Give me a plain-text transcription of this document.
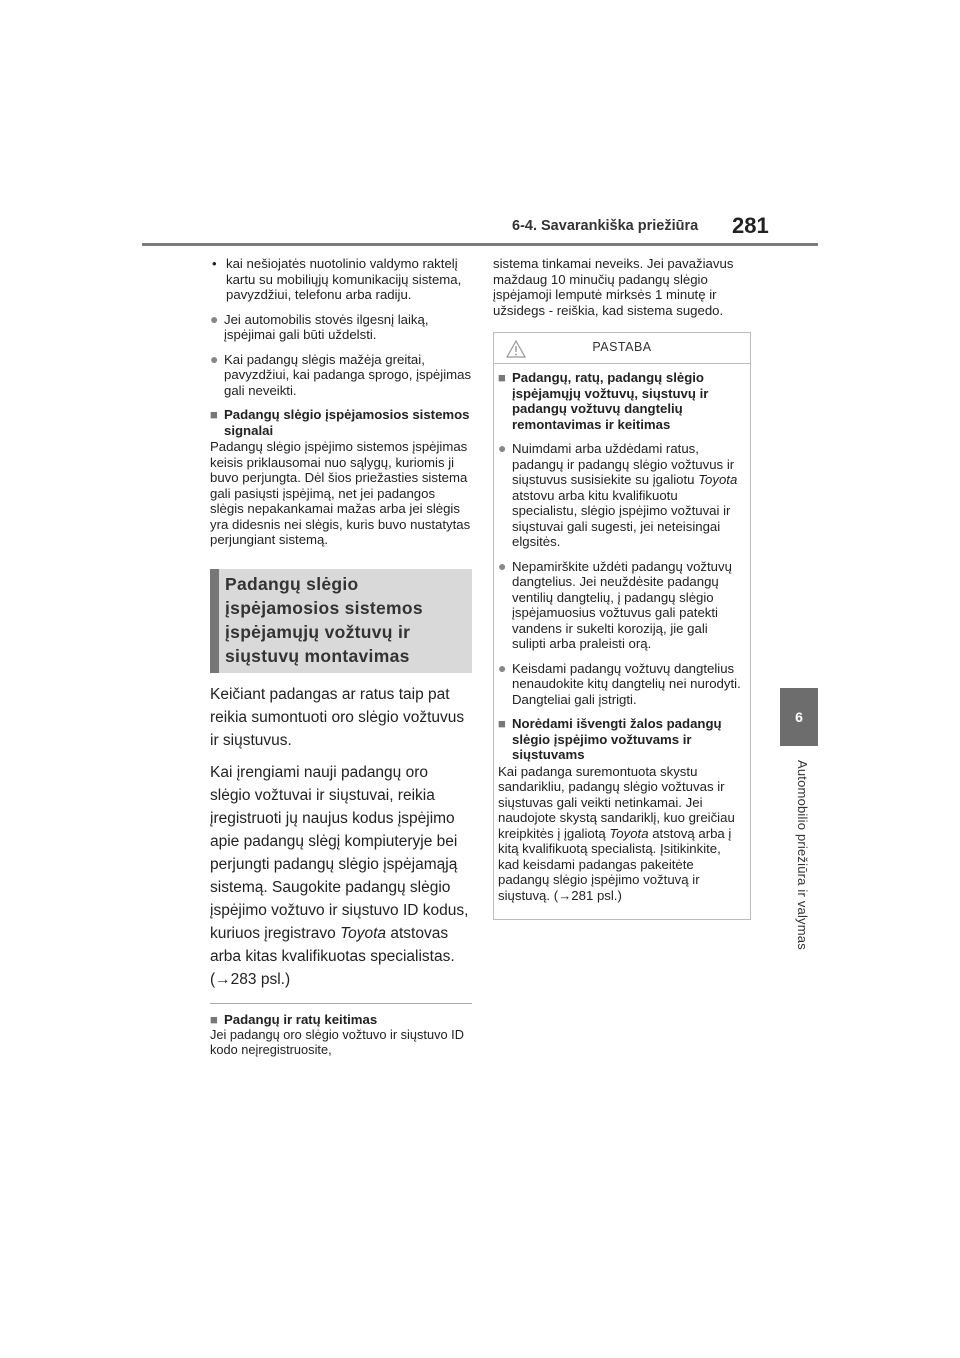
6-4. Savarankiška priežiūra 281
6
Automobilio priežiūra ir valymas
• kai nešiojatės nuotolinio valdymo raktelį kartu su mobiliųjų komunikacijų sistema, pavyzdžiui, telefonu arba radiju.
● Jei automobilis stovės ilgesnį laiką, įspėjimai gali būti uždelsti.
● Kai padangų slėgis mažėja greitai, pavyzdžiui, kai padanga sprogo, įspėjimas gali neveikti.
■ Padangų slėgio įspėjamosios sistemos signalai

Padangų slėgio įspėjimo sistemos įspėjimas keisis priklausomai nuo sąlygų, kuriomis ji buvo perjungta. Dėl šios priežasties sistema gali pasiųsti įspėjimą, net jei padangos slėgis nepakankamai mažas arba jei slėgis yra didesnis nei slėgis, kuris buvo nustatytas perjungiant sistemą.

Padangų slėgio įspėjamosios sistemos įspėjamųjų vožtuvų ir siųstuvų montavimas

Keičiant padangas ar ratus taip pat reikia sumontuoti oro slėgio vožtuvus ir siųstuvus.

Kai įrengiami nauji padangų oro slėgio vožtuvai ir siųstuvai, reikia įregistruoti jų naujus kodus įspėjimo apie padangų slėgį kompiuteryje bei perjungti padangų slėgio įspėjamąją sistemą. Saugokite padangų slėgio įspėjimo vožtuvo ir siųstuvo ID kodus, kuriuos įregistravo Toyota atstovas arba kitas kvalifikuotas specialistas.
(→283 psl.)

■ Padangų ir ratų keitimas

Jei padangų oro slėgio vožtuvo ir siųstuvo ID kodo neįregistruosite,

sistema tinkamai neveiks. Jei pavažiavus maždaug 10 minučių padangų slėgio įspėjamoji lemputė mirksės 1 minutę ir užsidegs - reiškia, kad sistema sugedo.

PASTABA
■ Padangų, ratų, padangų slėgio įspėjamųjų vožtuvų, siųstuvų ir padangų vožtuvų dangtelių remontavimas ir keitimas
● Nuimdami arba uždėdami ratus, padangų ir padangų slėgio vožtuvus ir siųstuvus susisiekite su įgaliotu Toyota atstovu arba kitu kvalifikuotu specialistu, slėgio įspėjimo vožtuvai ir siųstuvai gali sugesti, jei neteisingai elgsitės.
● Nepamirškite uždėti padangų vožtuvų dangtelius. Jei neuždėsite padangų ventilių dangtelių, į padangų slėgio įspėjamuosius vožtuvus gali patekti vandens ir sukelti koroziją, jie gali sulipti arba praleisti orą.
● Keisdami padangų vožtuvų dangtelius nenaudokite kitų dangtelių nei nurodyti. Dangteliai gali įstrigti.
■ Norėdami išvengti žalos padangų slėgio įspėjimo vožtuvams ir siųstuvams

Kai padanga suremontuota skystu sandarikliu, padangų slėgio vožtuvas ir siųstuvas gali veikti netinkamai. Jei naudojote skystą sandariklį, kuo greičiau kreipkitės į įgaliotą Toyota atstovą arba į kitą kvalifikuotą specialistą. Įsitikinkite, kad keisdami padangas pakeitėte padangų slėgio įspėjimo vožtuvą ir siųstuvą. (→281 psl.)
